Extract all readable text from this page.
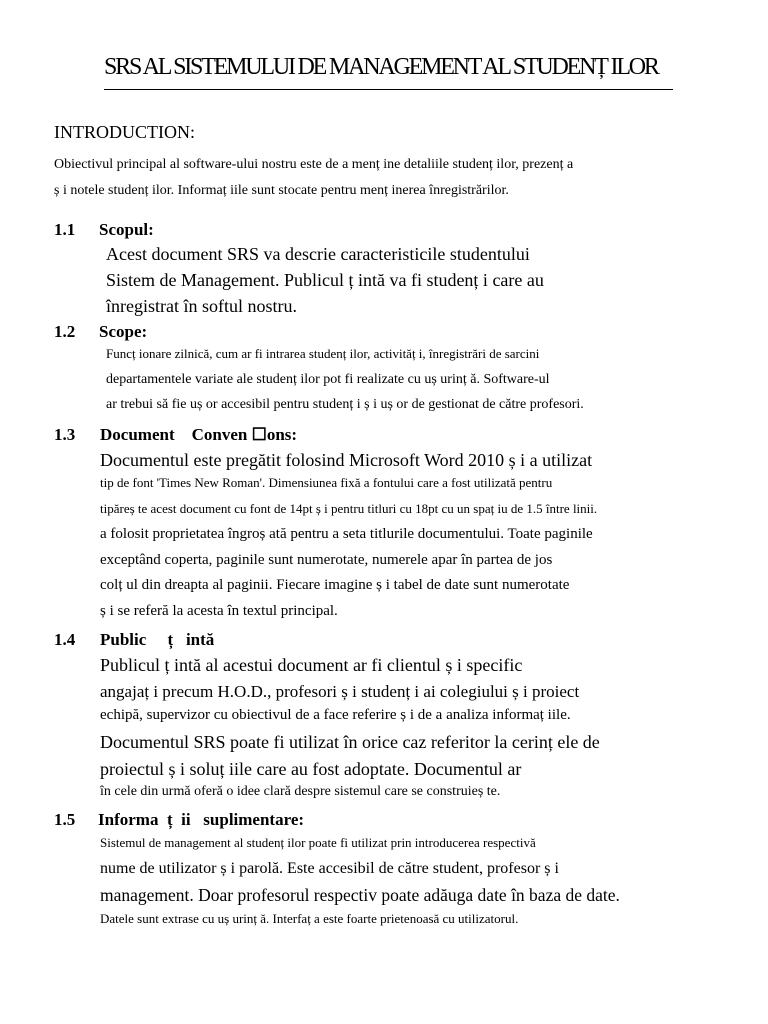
SRS AL SISTEMULUI DE MANAGEMENT AL STUDENȚ ILOR
INTRODUCTION:
Obiectivul principal al software-ului nostru este de a menț ine detaliile studenț ilor, prezenț a
ș i notele studenț ilor. Informaț iile sunt stocate pentru menț inerea înregistrărilor.
1.1 Scopul:
Acest document SRS va descrie caracteristicile studentului
Sistem de Management. Publicul ț intă va fi studenț i care au
înregistrat în softul nostru.
1.2 Scope:
Funcț ionare zilnică, cum ar fi intrarea studenț ilor, activităț i, înregistrări de sarcini
departamentele variate ale studenț ilor pot fi realizate cu uș urinț ă. Software-ul
ar trebui să fie uș or accesibil pentru studenț i ș i uș or de gestionat de către profesori.
1.3 Document    Conven ☐ons:
Documentul este pregătit folosind Microsoft Word 2010 ș i a utilizat
tip de font 'Times New Roman'. Dimensiunea fixă a fontului care a fost utilizată pentru
tipăreș te acest document cu font de 14pt ș i pentru titluri cu 18pt cu un spaț iu de 1.5 între linii.
a folosit proprietatea îngroș ată pentru a seta titlurile documentului. Toate paginile
exceptând coperta, paginile sunt numerotate, numerele apar în partea de jos
colț ul din dreapta al paginii. Fiecare imagine ș i tabel de date sunt numerotate
ș i se referă la acesta în textul principal.
1.4 Public     ț   intă
Publicul ț intă al acestui document ar fi clientul ș i specific
angajaț i precum H.O.D., profesori ș i studenț i ai colegiului ș i proiect
echipă, supervizor cu obiectivul de a face referire ș i de a analiza informaț iile.
Documentul SRS poate fi utilizat în orice caz referitor la cerinț ele de
proiectul ș i soluț iile care au fost adoptate. Documentul ar
în cele din urmă oferă o idee clară despre sistemul care se construieș te.
1.5 Informa  ț  ii   suplimentare:
Sistemul de management al studenț ilor poate fi utilizat prin introducerea respectivă
nume de utilizator ș i parolă. Este accesibil de către student, profesor ș i
management. Doar profesorul respectiv poate adăuga date în baza de date.
Datele sunt extrase cu uș urinț ă. Interfaț a este foarte prietenoasă cu utilizatorul.
